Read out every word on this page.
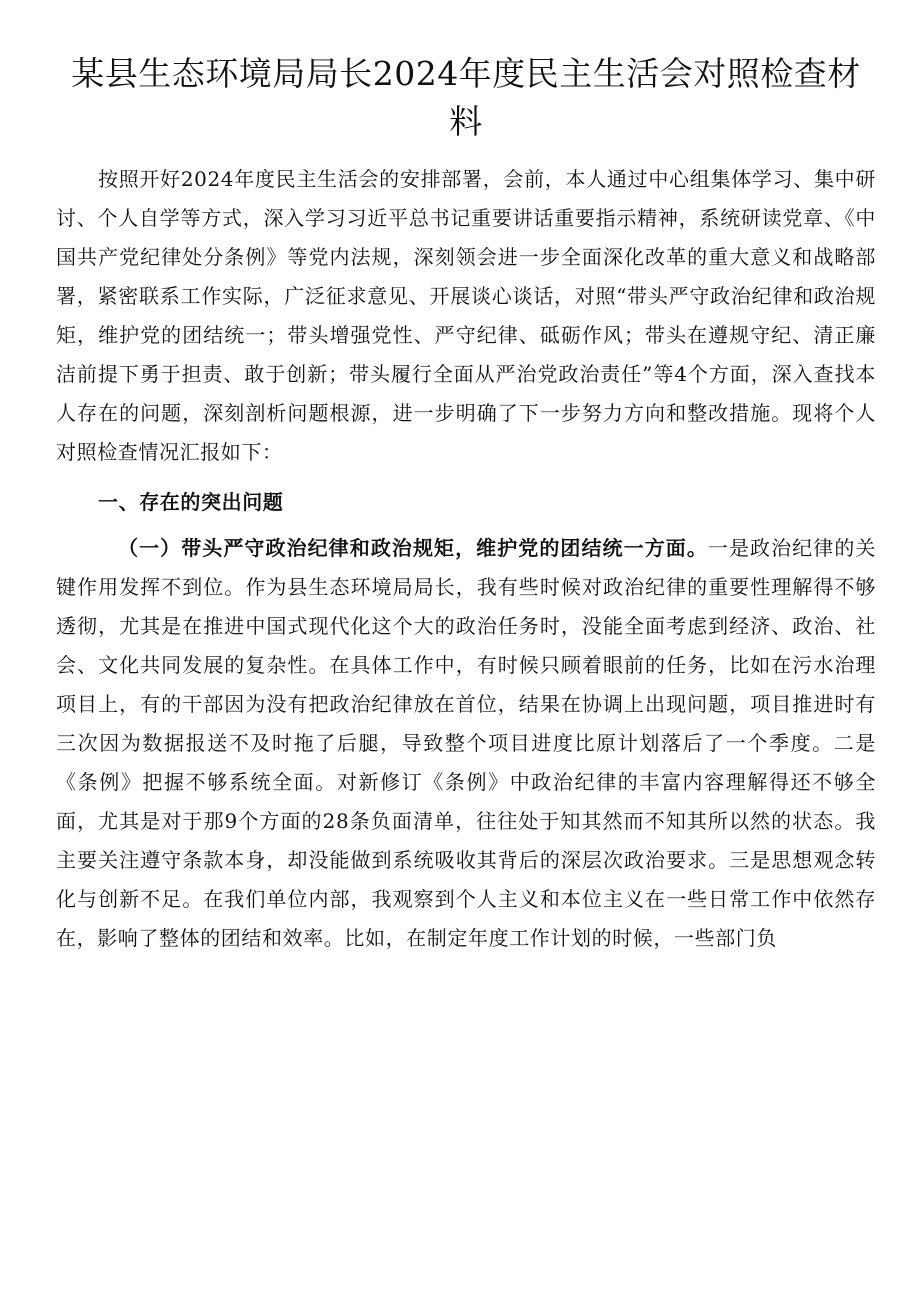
某县生态环境局局长2024年度民主生活会对照检查材料

按照开好2024年度民主生活会的安排部署，会前，本人通过中心组集体学习、集中研讨、个人自学等方式，深入学习习近平总书记重要讲话重要指示精神，系统研读党章、《中国共产党纪律处分条例》等党内法规，深刻领会进一步全面深化改革的重大意义和战略部署，紧密联系工作实际，广泛征求意见、开展谈心谈话，对照“带头严守政治纪律和政治规矩，维护党的团结统一；带头增强党性、严守纪律、砥砺作风；带头在遵规守纪、清正廉洁前提下勇于担责、敢于创新；带头履行全面从严治党政治责任”等4个方面，深入查找本人存在的问题，深刻剖析问题根源，进一步明确了下一步努力方向和整改措施。现将个人对照检查情况汇报如下：

一、存在的突出问题

（一）带头严守政治纪律和政治规矩，维护党的团结统一方面。一是政治纪律的关键作用发挥不到位。作为县生态环境局局长，我有些时候对政治纪律的重要性理解得不够透彻，尤其是在推进中国式现代化这个大的政治任务时，没能全面考虑到经济、政治、社会、文化共同发展的复杂性。在具体工作中，有时候只顾着眼前的任务，比如在污水治理项目上，有的干部因为没有把政治纪律放在首位，结果在协调上出现问题，项目推进时有三次因为数据报送不及时拖了后腿，导致整个项目进度比原计划落后了一个季度。二是《条例》把握不够系统全面。对新修订《条例》中政治纪律的丰富内容理解得还不够全面，尤其是对于那9个方面的28条负面清单，往往处于知其然而不知其所以然的状态。我主要关注遵守条款本身，却没能做到系统吸收其背后的深层次政治要求。三是思想观念转化与创新不足。在我们单位内部，我观察到个人主义和本位主义在一些日常工作中依然存在，影响了整体的团结和效率。比如，在制定年度工作计划的时候，一些部门负
